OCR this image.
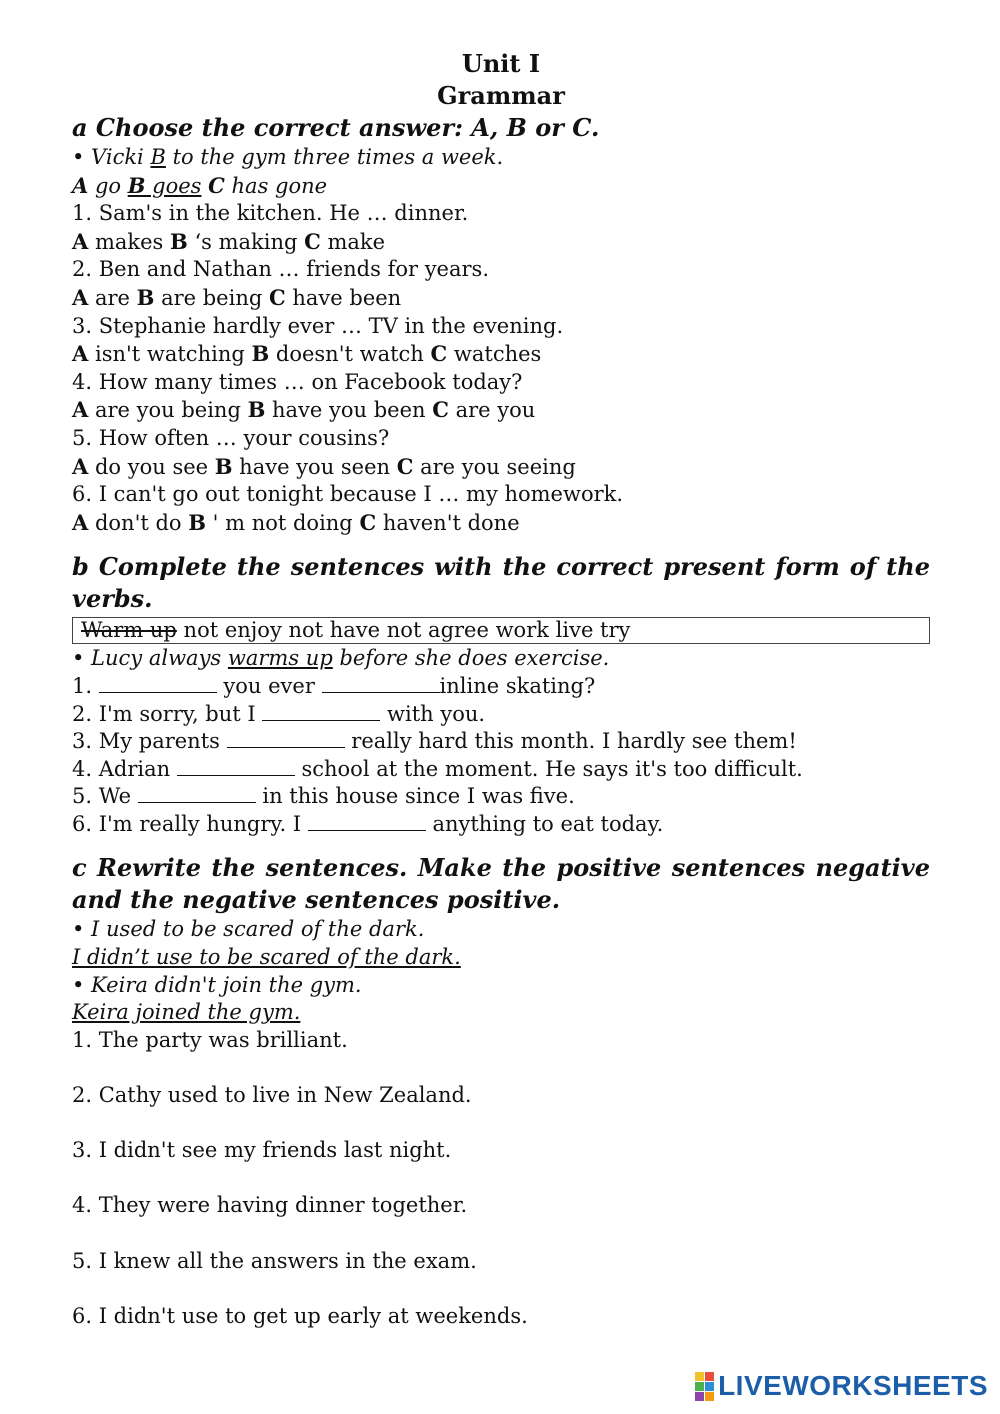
Unit I
Grammar
a Choose the correct answer: A, B or C.
• Vicki B to the gym three times a week.
A go B goes C has gone
1. Sam's in the kitchen. He … dinner.
A makes B ‘s making C make
2. Ben and Nathan … friends for years.
A are B are being C have been
3. Stephanie hardly ever … TV in the evening.
A isn't watching B doesn't watch C watches
4. How many times … on Facebook today?
A are you being B have you been C are you
5. How often … your cousins?
A do you see B have you seen C are you seeing
6. I can't go out tonight because I … my homework.
A don't do B ' m not doing C haven't done
b Complete the sentences with the correct present form of the verbs.
Warm up not enjoy not have not agree work live try
• Lucy always warms up before she does exercise.
1.	you ever	inline skating?
2. I'm sorry, but I	with you.
3. My parents	really hard this month. I hardly see them!
4. Adrian	school at the moment. He says it's too difficult.
5. We	in this house since I was five.
6. I'm really hungry. I	anything to eat today.
c Rewrite the sentences. Make the positive sentences negative and the negative sentences positive.
• I used to be scared of the dark.
I didn’t use to be scared of the dark.
• Keira didn't join the gym.
Keira joined the gym.
1. The party was brilliant.
2. Cathy used to live in New Zealand.
3. I didn't see my friends last night.
4. They were having dinner together.
5. I knew all the answers in the exam.
6. I didn't use to get up early at weekends.
LIVEWORKSHEETS
